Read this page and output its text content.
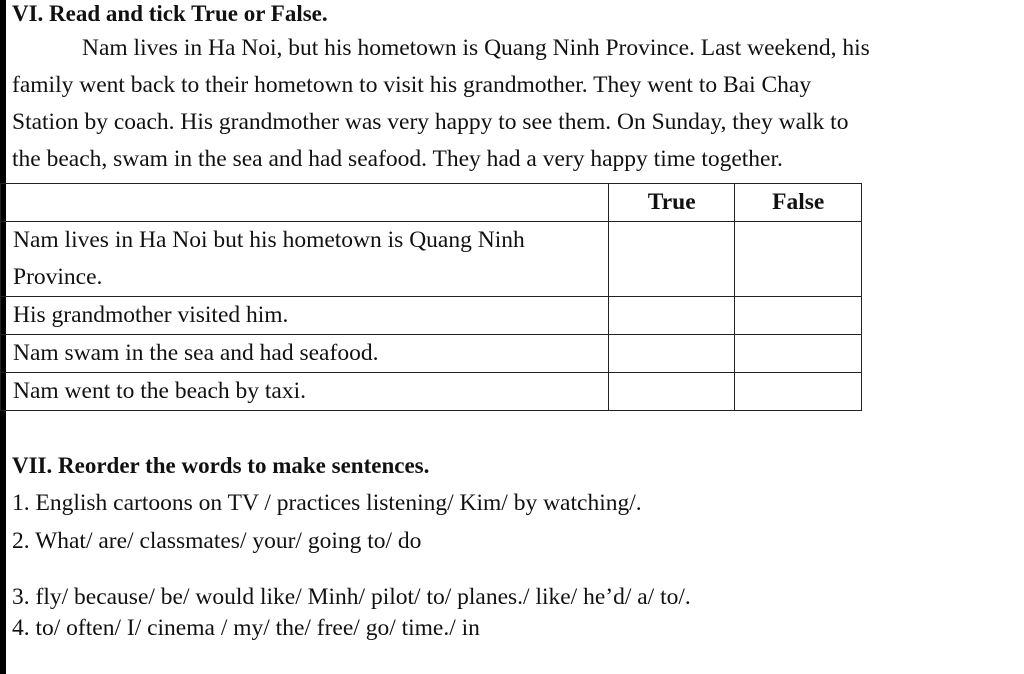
VI. Read and tick True or False.
Nam lives in Ha Noi, but his hometown is Quang Ninh Province. Last weekend, his
family went back to their hometown to visit his grandmother. They went to Bai Chay
Station by coach. His grandmother was very happy to see them. On Sunday, they walk to
the beach, swam in the sea and had seafood. They had a very happy time together.
	True	False
Nam lives in Ha Noi but his hometown is Quang Ninh Province.		
His grandmother visited him.		
Nam swam in the sea and had seafood.		
Nam went to the beach by taxi.		
VII. Reorder the words to make sentences.
1. English cartoons on TV / practices listening/ Kim/ by watching/.
2. What/ are/ classmates/ your/ going to/ do
3. fly/ because/ be/ would like/ Minh/ pilot/ to/ planes./ like/ he’d/ a/ to/.
4. to/ often/ I/ cinema / my/ the/ free/ go/ time./ in
